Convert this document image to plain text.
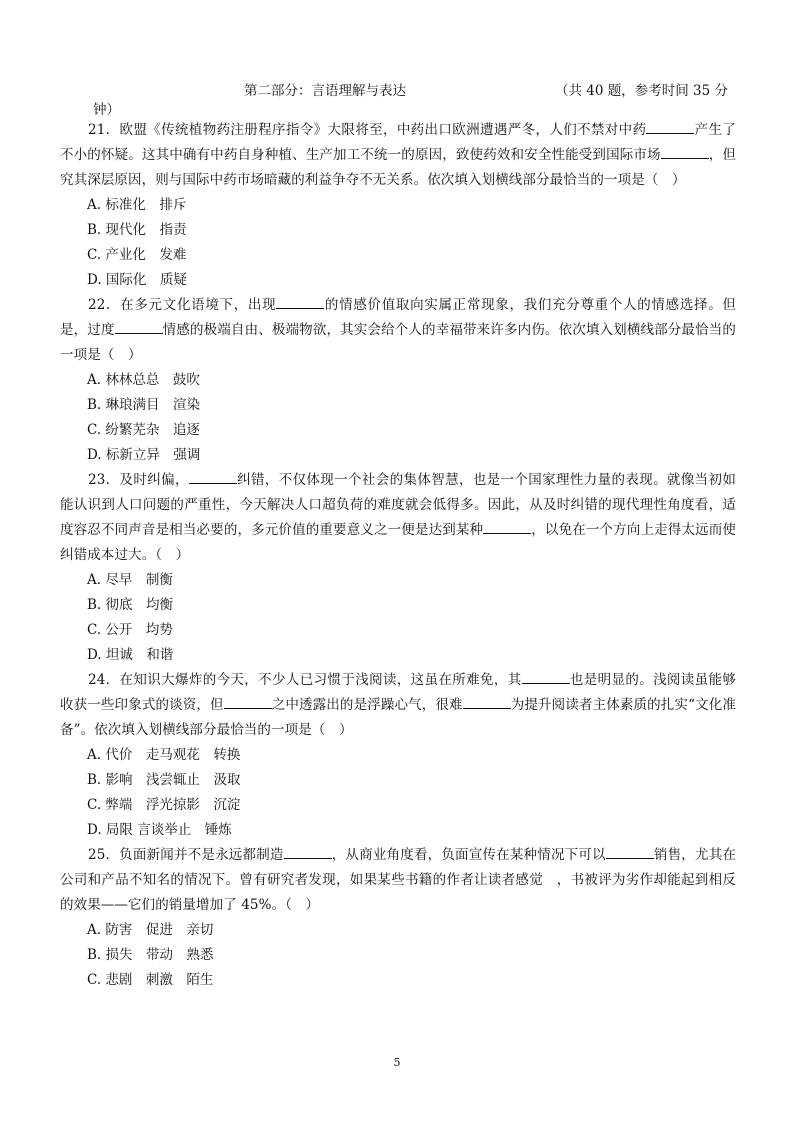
第二部分：言语理解与表达	（共 40 题，参考时间 35 分
钟）

21．欧盟《传统植物药注册程序指令》大限将至，中药出口欧洲遭遇严冬，人们不禁对中药	产生了不小的怀疑。这其中确有中药自身种植、生产加工不统一的原因，致使药效和安全性能受到国际市场	，但究其深层原因，则与国际中药市场暗藏的利益争夺不无关系。依次填入划横线部分最恰当的一项是（　）

A. 标准化　排斥
B. 现代化　指责
C. 产业化　发难
D. 国际化　质疑

22．在多元文化语境下，出现	的情感价值取向实属正常现象，我们充分尊重个人的情感选择。但是，过度	情感的极端自由、极端物欲，其实会给个人的幸福带来许多内伤。依次填入划横线部分最恰当的一项是（　）

A. 林林总总　鼓吹
B. 琳琅满目　渲染
C. 纷繁芜杂　追逐
D. 标新立异　强调

23．及时纠偏，	纠错，不仅体现一个社会的集体智慧，也是一个国家理性力量的表现。就像当初如能认识到人口问题的严重性，今天解决人口超负荷的难度就会低得多。因此，从及时纠错的现代理性角度看，适度容忍不同声音是相当必要的，多元价值的重要意义之一便是达到某种	，以免在一个方向上走得太远而使纠错成本过大。（　）

A. 尽早　制衡
B. 彻底　均衡
C. 公开　均势
D. 坦诚　和谐

24．在知识大爆炸的今天，不少人已习惯于浅阅读，这虽在所难免，其	也是明显的。浅阅读虽能够收获一些印象式的谈资，但	之中透露出的是浮躁心气，很难	为提升阅读者主体素质的扎实“文化准备”。依次填入划横线部分最恰当的一项是（　）

A. 代价　走马观花　转换
B. 影响　浅尝辄止　汲取
C. 弊端　浮光掠影　沉淀
D. 局限 言谈举止　锤炼

25．负面新闻并不是永远都制造	，从商业角度看，负面宣传在某种情况下可以	销售，尤其在公司和产品不知名的情况下。曾有研究者发现，如果某些书籍的作者让读者感觉　，书被评为劣作却能起到相反的效果——它们的销量增加了 45%。（　）

A. 防害　促进　亲切
B. 损失　带动　熟悉
C. 悲剧　刺激　陌生
5
